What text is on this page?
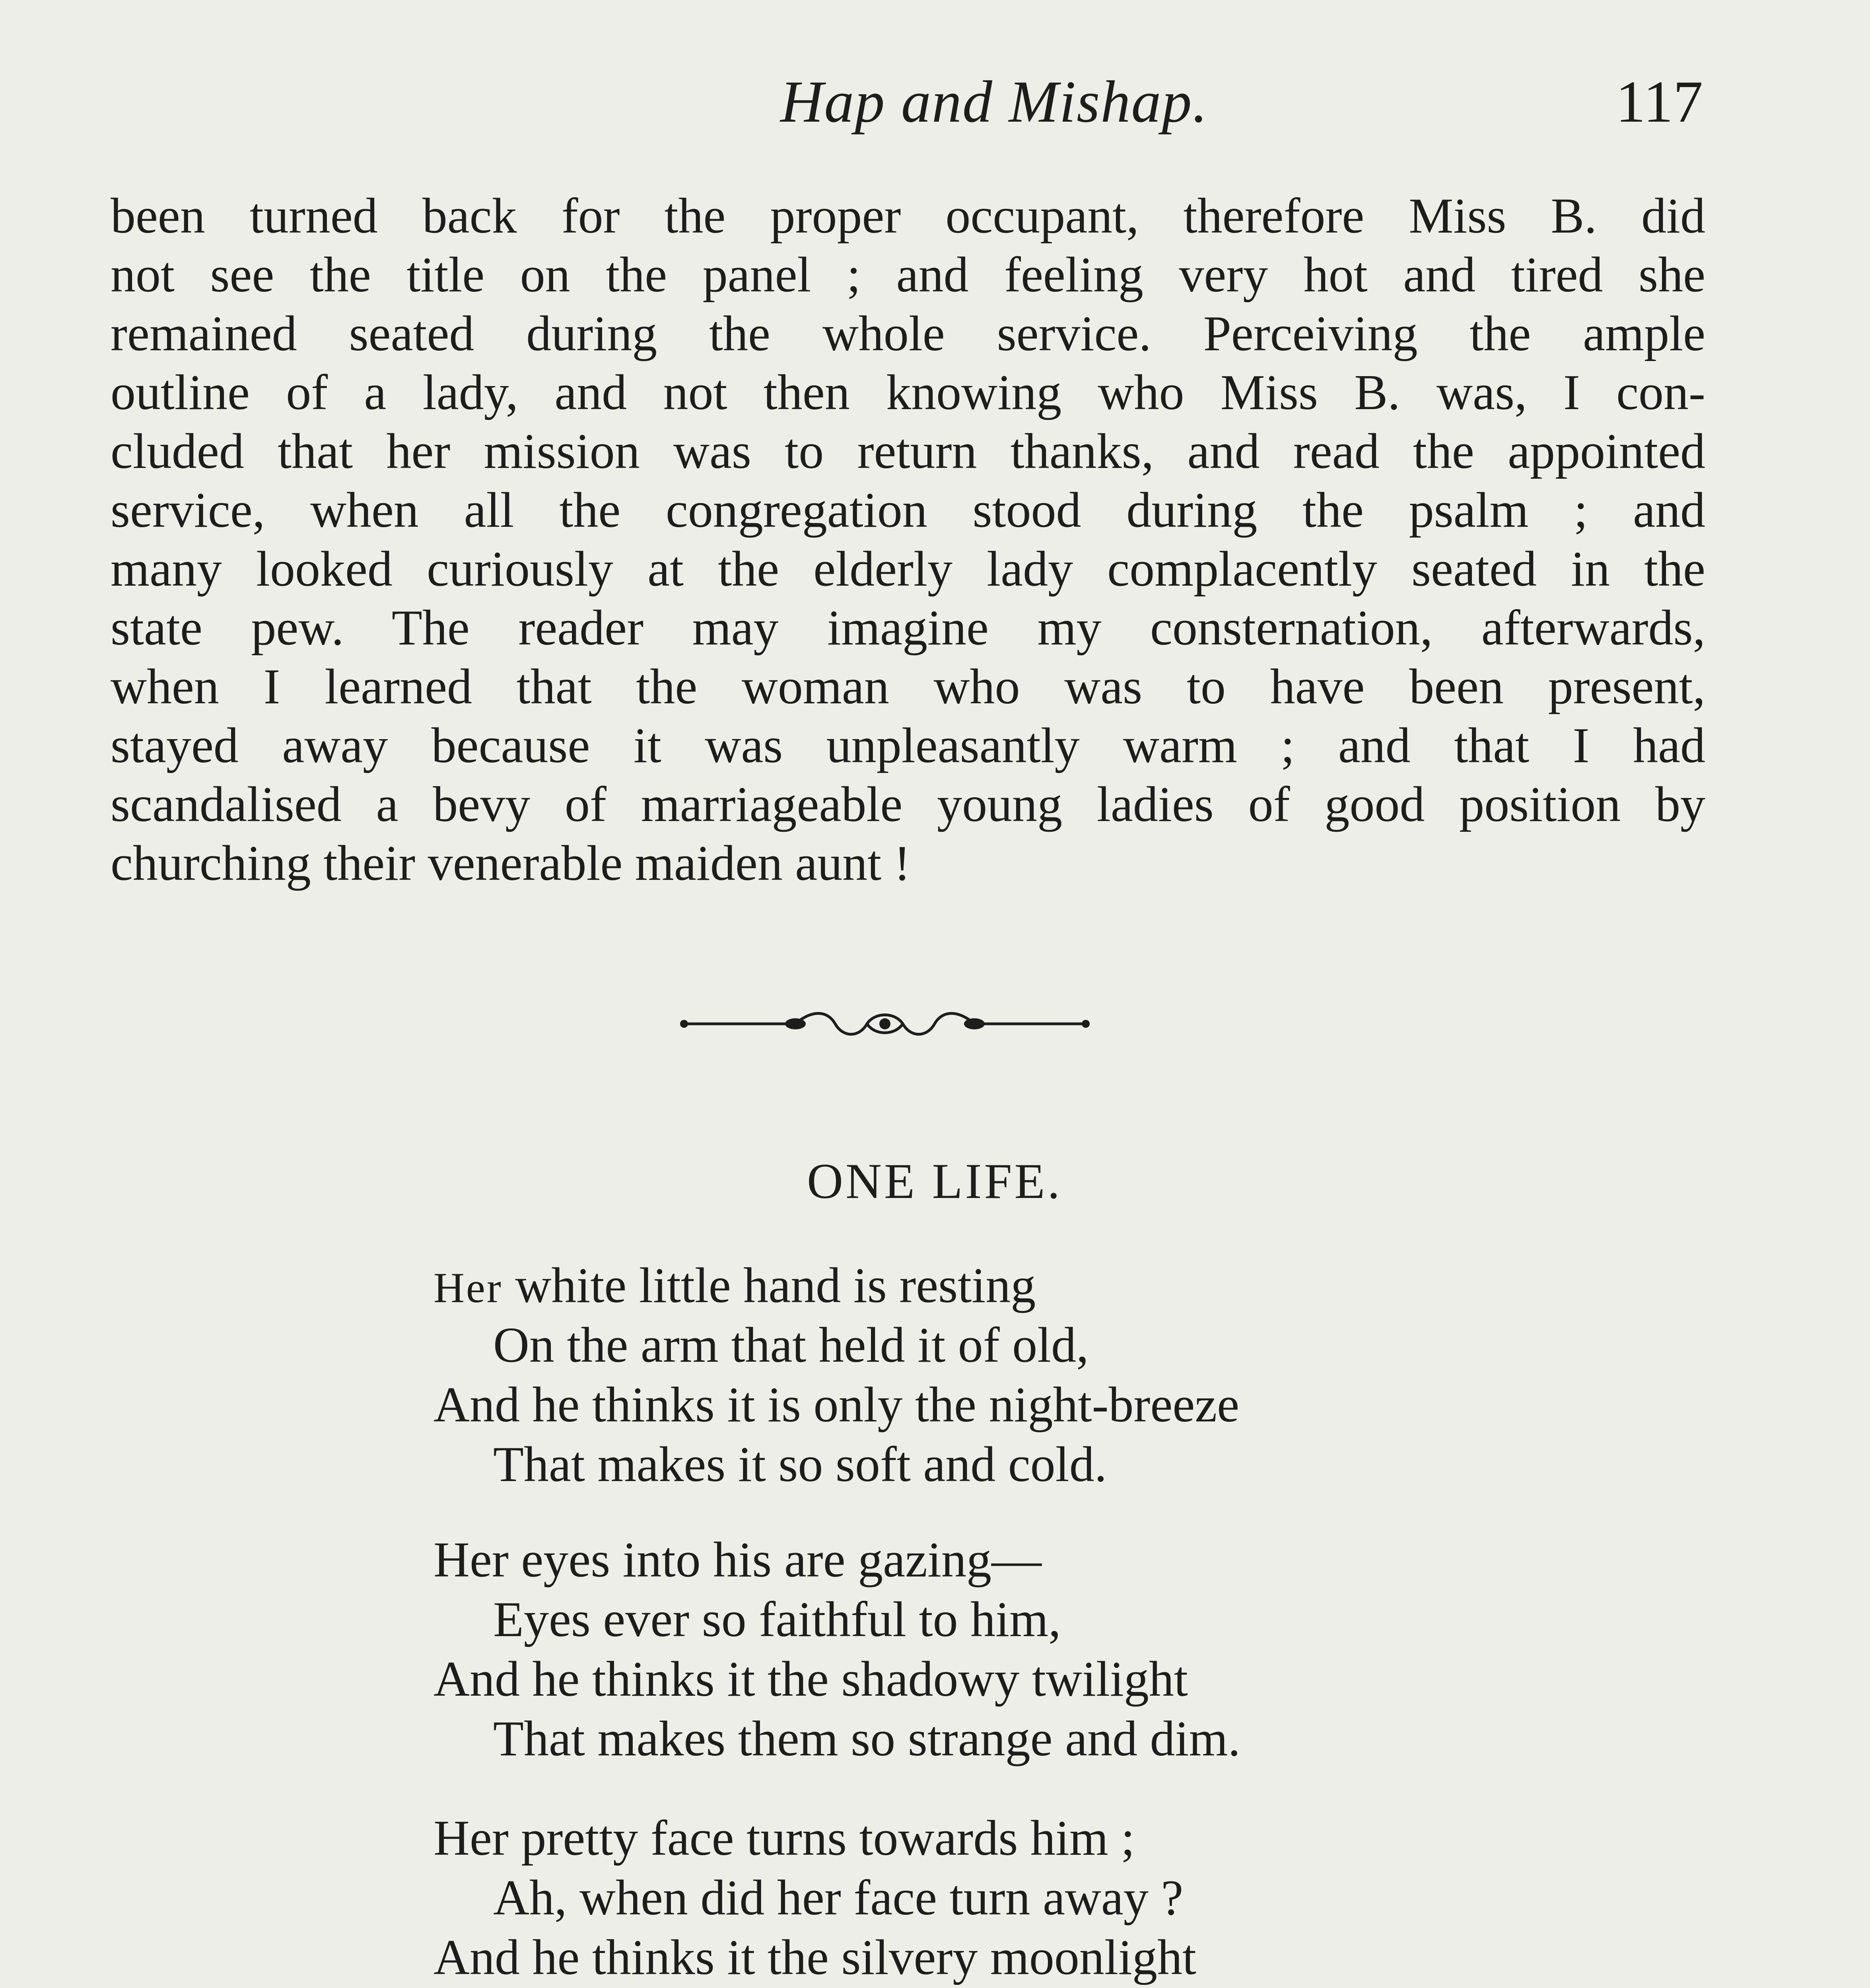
Hap and Mishap.	117
been turned back for the proper occupant, therefore Miss B. did
not see the title on the panel ; and feeling very hot and tired she
remained seated during the whole service. Perceiving the ample
outline of a lady, and not then knowing who Miss B. was, I con-
cluded that her mission was to return thanks, and read the appointed
service, when all the congregation stood during the psalm ; and
many looked curiously at the elderly lady complacently seated in the
state pew. The reader may imagine my consternation, afterwards,
when I learned that the woman who was to have been present,
stayed away because it was unpleasantly warm ; and that I had
scandalised a bevy of marriageable young ladies of good position by
churching their venerable maiden aunt !
ONE LIFE.
Her white little hand is resting
On the arm that held it of old,
And he thinks it is only the night-breeze
That makes it so soft and cold.
Her eyes into his are gazing—
Eyes ever so faithful to him,
And he thinks it the shadowy twilight
That makes them so strange and dim.
Her pretty face turns towards him ;
Ah, when did her face turn away ?
And he thinks it the silvery moonlight
